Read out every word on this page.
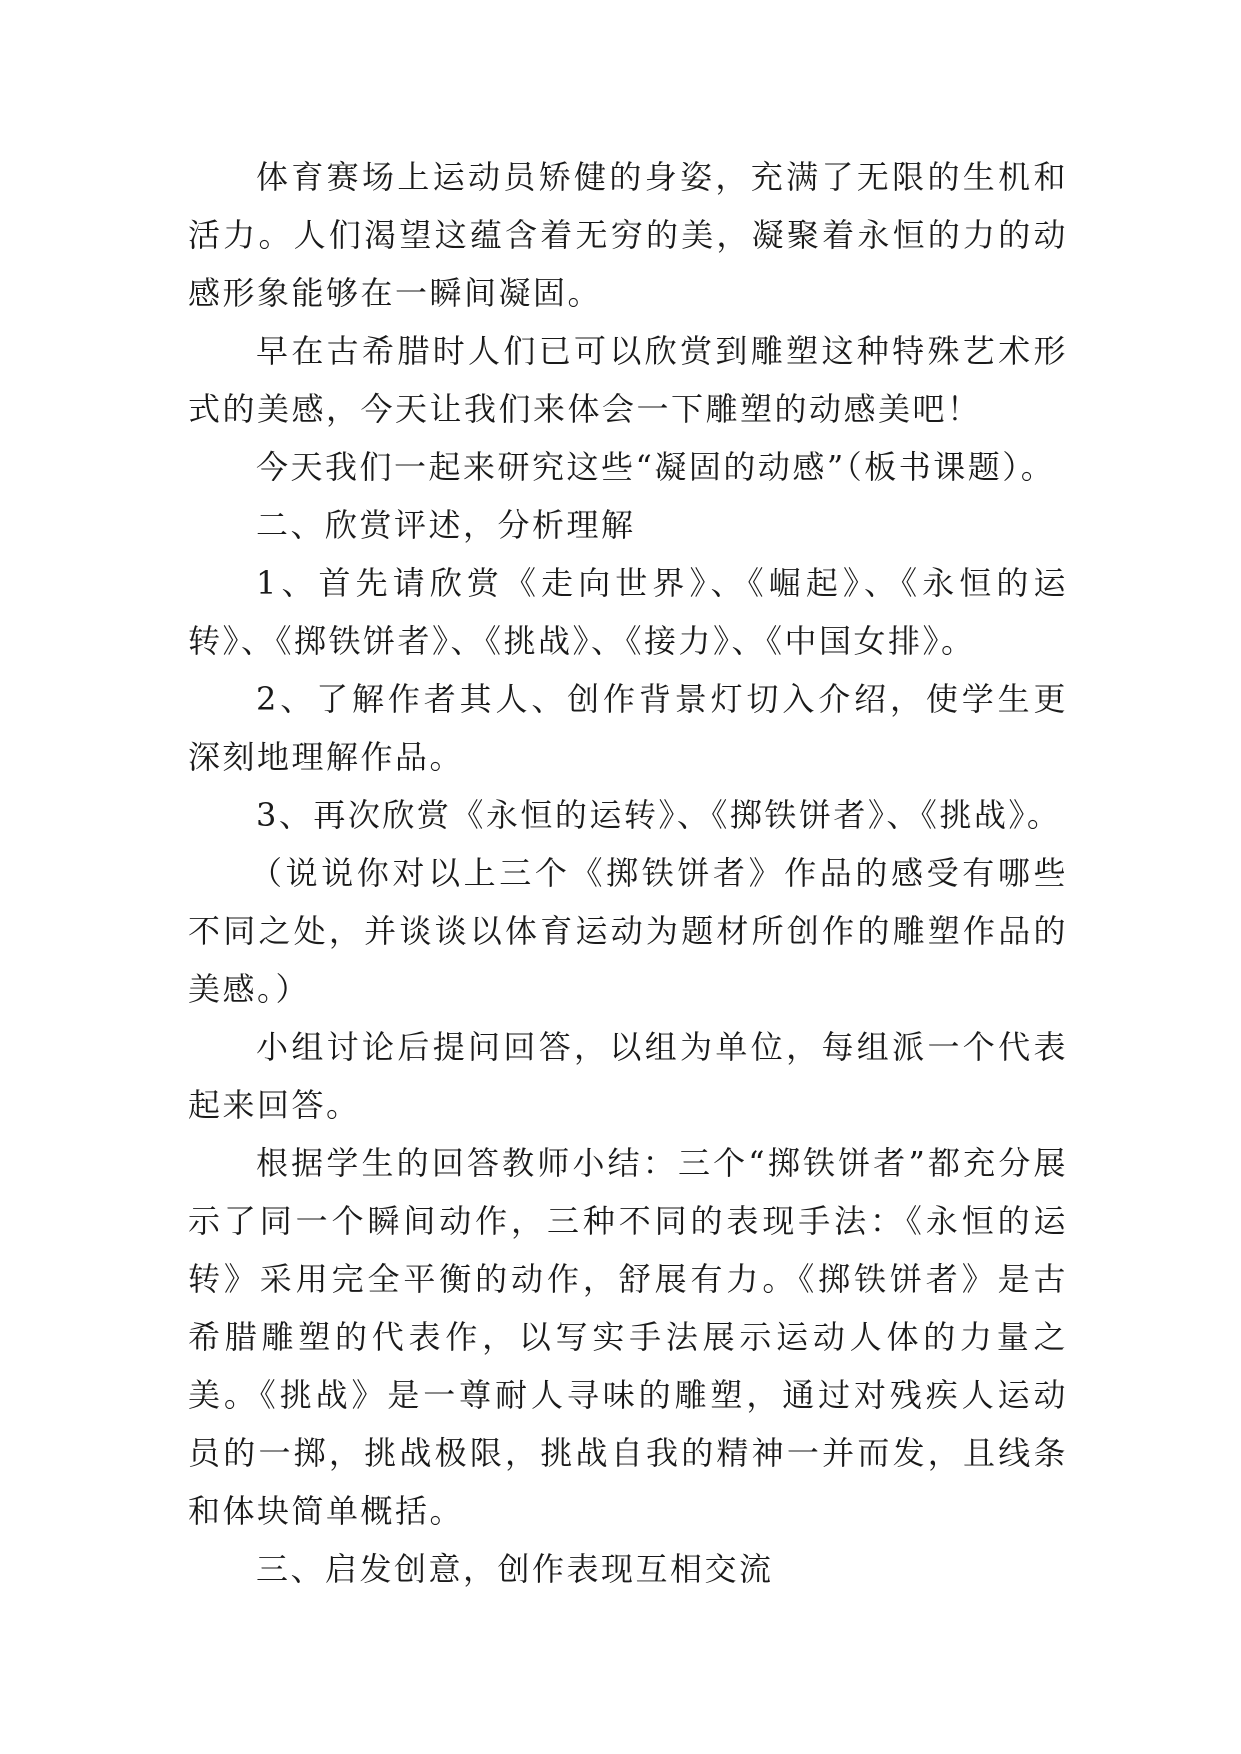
体育赛场上运动员矫健的身姿，充满了无限的生机和活力。人们渴望这蕴含着无穷的美，凝聚着永恒的力的动感形象能够在一瞬间凝固。

早在古希腊时人们已可以欣赏到雕塑这种特殊艺术形式的美感，今天让我们来体会一下雕塑的动感美吧！

今天我们一起来研究这些“凝固的动感”（板书课题）。

二、欣赏评述，分析理解

1、首先请欣赏《走向世界》、《崛起》、《永恒的运转》、《掷铁饼者》、《挑战》、《接力》、《中国女排》。

2、了解作者其人、创作背景灯切入介绍，使学生更深刻地理解作品。

3、再次欣赏《永恒的运转》、《掷铁饼者》、《挑战》。

（说说你对以上三个《掷铁饼者》作品的感受有哪些不同之处，并谈谈以体育运动为题材所创作的雕塑作品的美感。）

小组讨论后提问回答，以组为单位，每组派一个代表起来回答。

根据学生的回答教师小结：三个“掷铁饼者”都充分展示了同一个瞬间动作，三种不同的表现手法：《永恒的运转》采用完全平衡的动作，舒展有力。《掷铁饼者》是古希腊雕塑的代表作，以写实手法展示运动人体的力量之美。《挑战》是一尊耐人寻味的雕塑，通过对残疾人运动员的一掷，挑战极限，挑战自我的精神一并而发，且线条和体块简单概括。

三、启发创意，创作表现互相交流
